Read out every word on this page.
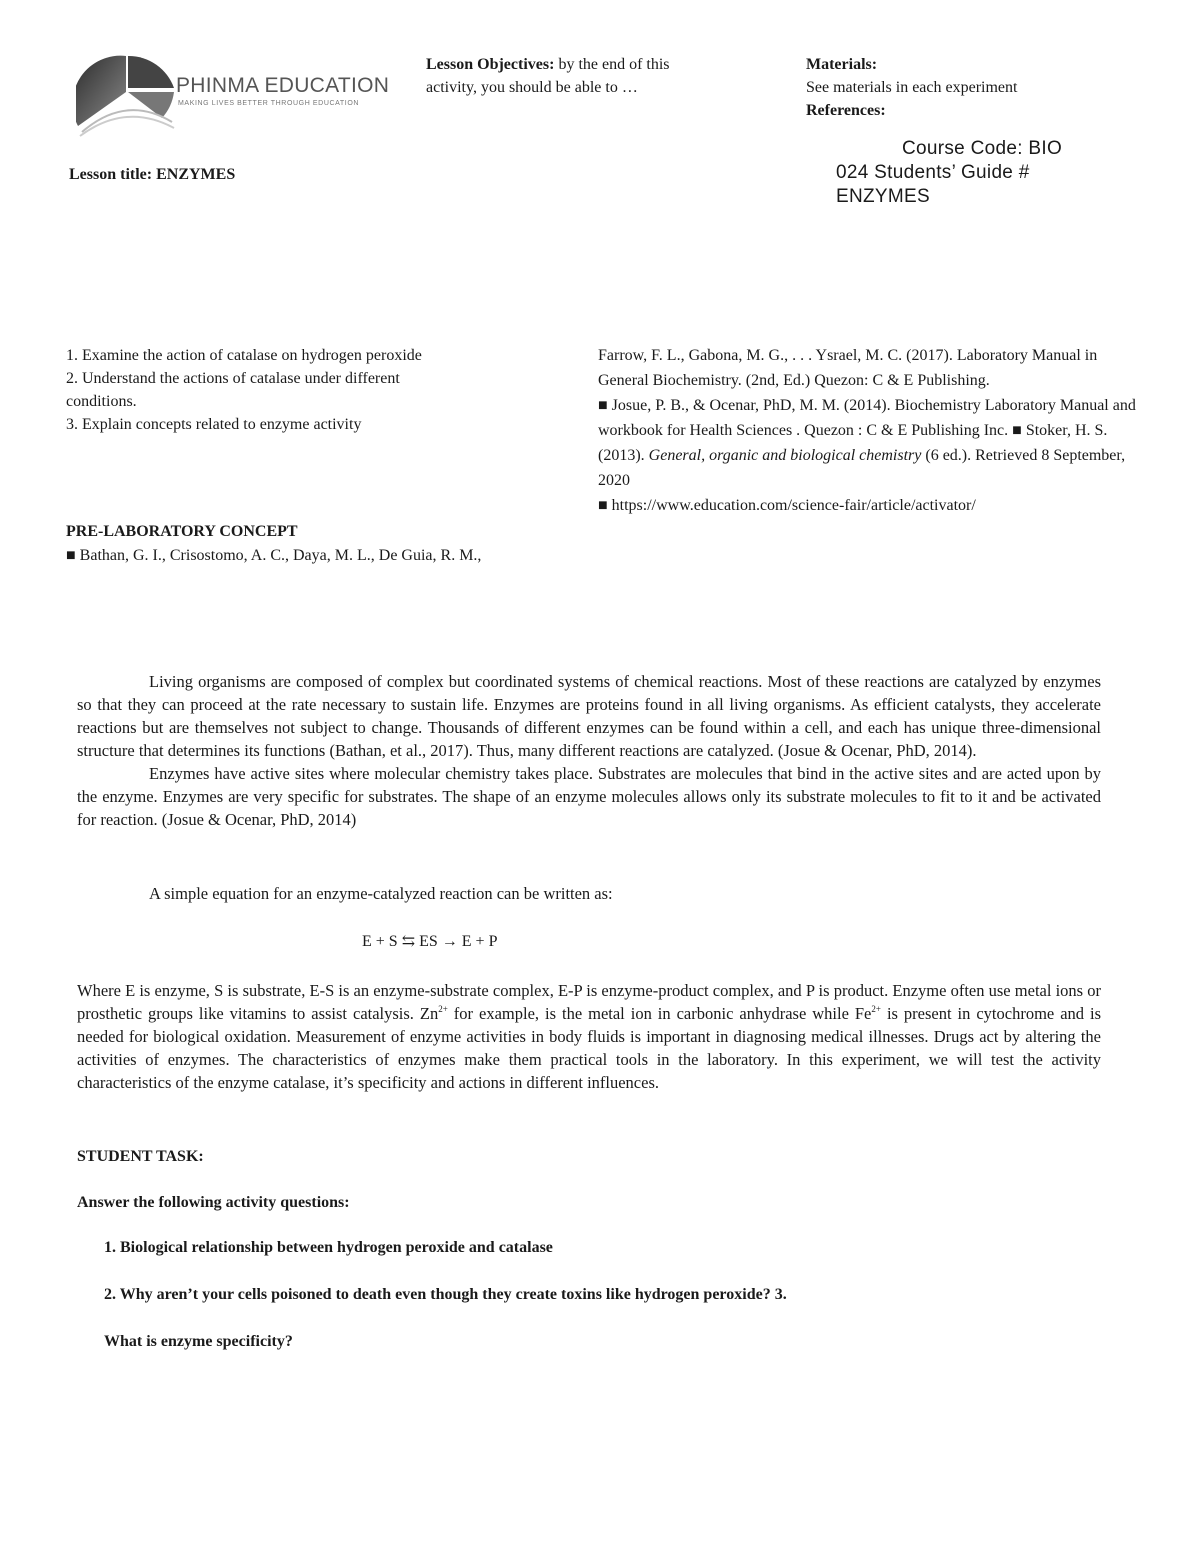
PHINMA EDUCATION
MAKING LIVES BETTER THROUGH EDUCATION
Lesson Objectives: by the end of this
activity, you should be able to …
Materials:
See materials in each experiment
References:
Course Code: BIO
024 Students’ Guide #
ENZYMES
Lesson title: ENZYMES
1. Examine the action of catalase on hydrogen peroxide
2. Understand the actions of catalase under different
conditions.
3. Explain concepts related to enzyme activity
PRE-LABORATORY CONCEPT
■ Bathan, G. I., Crisostomo, A. C., Daya, M. L., De Guia, R. M.,

Farrow, F. L., Gabona, M. G., . . . Ysrael, M. C. (2017). Laboratory Manual in General Biochemistry. (2nd, Ed.) Quezon: C & E Publishing.

■ Josue, P. B., & Ocenar, PhD, M. M. (2014). Biochemistry Laboratory Manual and workbook for Health Sciences . Quezon : C & E Publishing Inc. ■ Stoker, H. S. (2013). General, organic and biological chemistry (6 ed.). Retrieved 8 September, 2020

■ https://www.education.com/science-fair/article/activator/

Living organisms are composed of complex but coordinated systems of chemical reactions. Most of these reactions are catalyzed by enzymes so that they can proceed at the rate necessary to sustain life. Enzymes are proteins found in all living organisms. As efficient catalysts, they accelerate reactions but are themselves not subject to change. Thousands of different enzymes can be found within a cell, and each has unique three-dimensional structure that determines its functions (Bathan, et al., 2017). Thus, many different reactions are catalyzed. (Josue & Ocenar, PhD, 2014).

Enzymes have active sites where molecular chemistry takes place. Substrates are molecules that bind in the active sites and are acted upon by the enzyme. Enzymes are very specific for substrates. The shape of an enzyme molecules allows only its substrate molecules to fit to it and be activated for reaction. (Josue & Ocenar, PhD, 2014)

A simple equation for an enzyme-catalyzed reaction can be written as:

E + S ⇆ ES → E + P

Where E is enzyme, S is substrate, E-S is an enzyme-substrate complex, E-P is enzyme-product complex, and P is product. Enzyme often use metal ions or prosthetic groups like vitamins to assist catalysis. $Zn^{2+}$ for example, is the metal ion in carbonic anhydrase while $Fe^{2+}$ is present in cytochrome and is needed for biological oxidation. Measurement of enzyme activities in body fluids is important in diagnosing medical illnesses. Drugs act by altering the activities of enzymes. The characteristics of enzymes make them practical tools in the laboratory. In this experiment, we will test the activity characteristics of the enzyme catalase, it’s specificity and actions in different influences.

STUDENT TASK:
Answer the following activity questions:
1. Biological relationship between hydrogen peroxide and catalase
2. Why aren’t your cells poisoned to death even though they create toxins like hydrogen peroxide? 3.
What is enzyme specificity?
